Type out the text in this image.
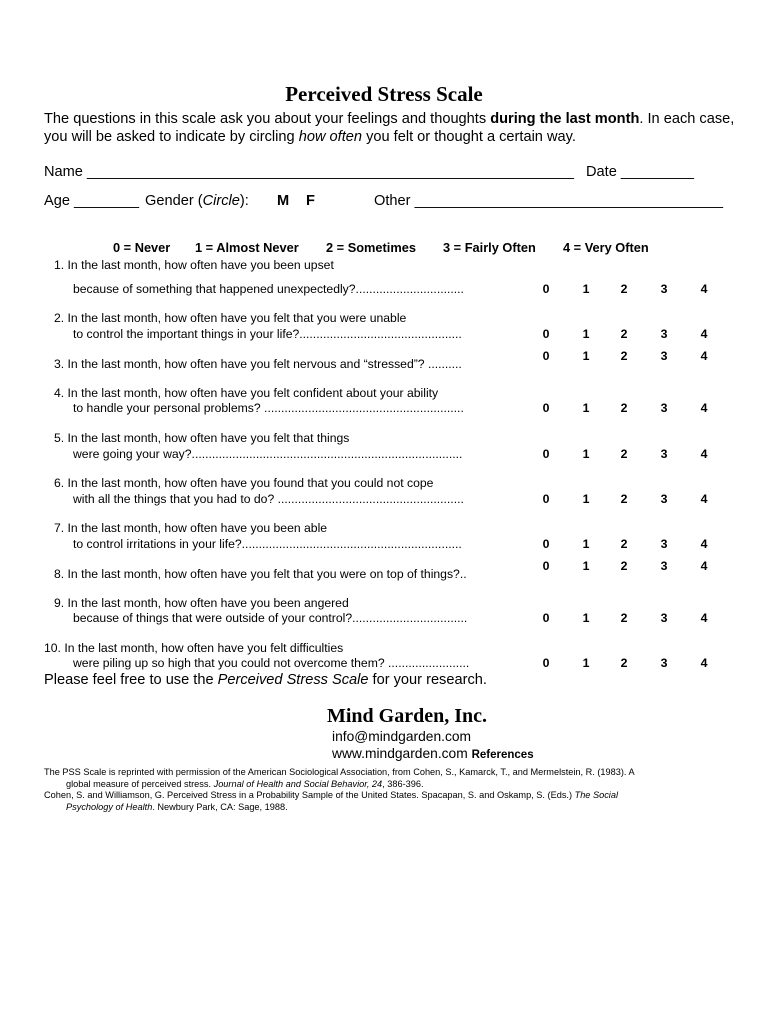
Perceived Stress Scale
The questions in this scale ask you about your feelings and thoughts during the last month. In each case, you will be asked to indicate by circling how often you felt or thought a certain way.
Name ____________________________________________________________ Date _________
Age ________ Gender (Circle): M F	Other ______________________________________
0 = Never 1 = Almost Never 2 = Sometimes 3 = Fairly Often 4 = Very Often
1. In the last month, how often have you been upset
because of something that happened unexpectedly?................................	0	1	2	3	4
2. In the last month, how often have you felt that you were unable
to control the important things in your life?................................................	0	1	2	3	4
3. In the last month, how often have you felt nervous and “stressed”? ..........
0	1	2	3	4
4. In the last month, how often have you felt confident about your ability
to handle your personal problems? ...........................................................	0	1	2	3	4
5. In the last month, how often have you felt that things
were going your way?................................................................................	0	1	2	3	4
6. In the last month, how often have you found that you could not cope
with all the things that you had to do? .......................................................	0	1	2	3	4
7. In the last month, how often have you been able
to control irritations in your life?.................................................................	0	1	2	3	4
8. In the last month, how often have you felt that you were on top of things?..
0	1	2	3	4
9. In the last month, how often have you been angered
because of things that were outside of your control?..................................	0	1	2	3	4
10. In the last month, how often have you felt difficulties
were piling up so high that you could not overcome them? ........................	0	1	2	3	4
Please feel free to use the Perceived Stress Scale for your research.
Mind Garden, Inc.
info@mindgarden.com
www.mindgarden.com References
The PSS Scale is reprinted with permission of the American Sociological Association, from Cohen, S., Kamarck, T., and Mermelstein, R. (1983). A
global measure of perceived stress. Journal of Health and Social Behavior, 24, 386-396.
Cohen, S. and Williamson, G. Perceived Stress in a Probability Sample of the United States. Spacapan, S. and Oskamp, S. (Eds.) The Social
Psychology of Health. Newbury Park, CA: Sage, 1988.
